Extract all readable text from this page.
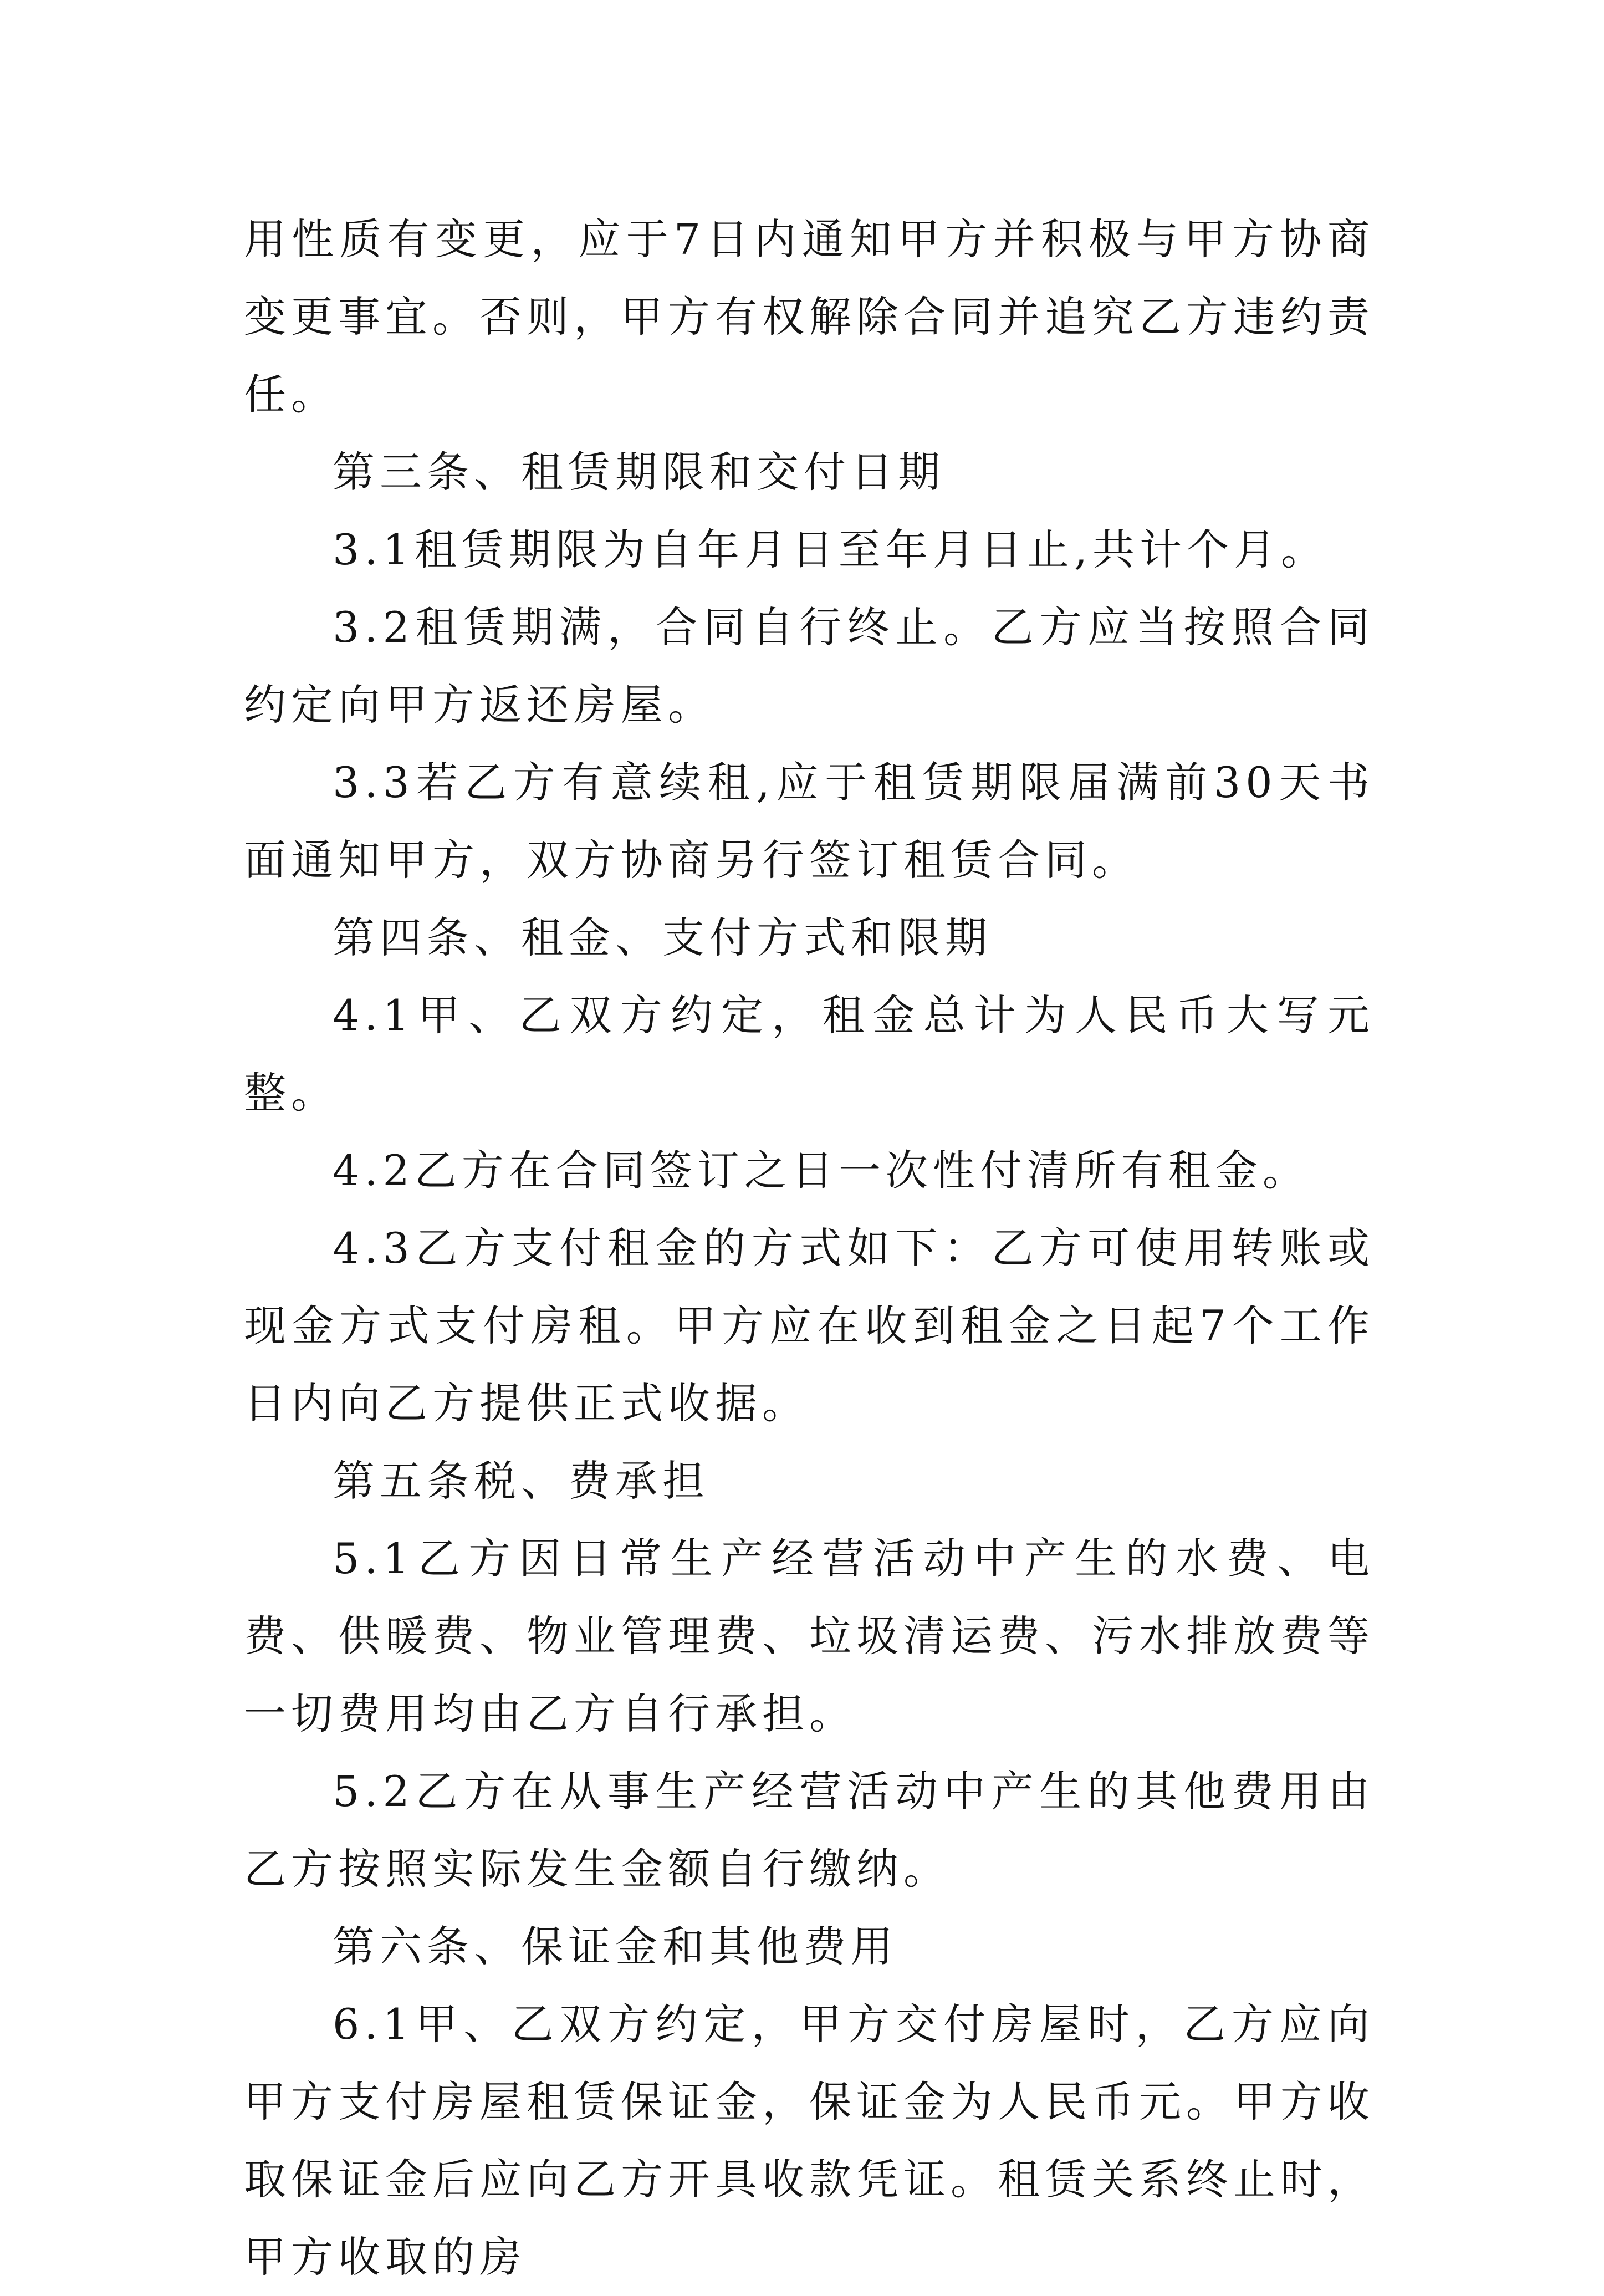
用性质有变更，应于7日内通知甲方并积极与甲方协商变更事宜。否则，甲方有权解除合同并追究乙方违约责任。

第三条、租赁期限和交付日期

3.1租赁期限为自年月日至年月日止,共计个月。

3.2租赁期满，合同自行终止。乙方应当按照合同约定向甲方返还房屋。

3.3若乙方有意续租,应于租赁期限届满前30天书面通知甲方，双方协商另行签订租赁合同。

第四条、租金、支付方式和限期

4.1甲、乙双方约定，租金总计为人民币大写元整。

4.2乙方在合同签订之日一次性付清所有租金。

4.3乙方支付租金的方式如下：乙方可使用转账或现金方式支付房租。甲方应在收到租金之日起7个工作日内向乙方提供正式收据。

第五条税、费承担

5.1乙方因日常生产经营活动中产生的水费、电费、供暖费、物业管理费、垃圾清运费、污水排放费等一切费用均由乙方自行承担。

5.2乙方在从事生产经营活动中产生的其他费用由乙方按照实际发生金额自行缴纳。

第六条、保证金和其他费用

6.1甲、乙双方约定，甲方交付房屋时，乙方应向甲方支付房屋租赁保证金，保证金为人民币元。甲方收取保证金后应向乙方开具收款凭证。租赁关系终止时，甲方收取的房
